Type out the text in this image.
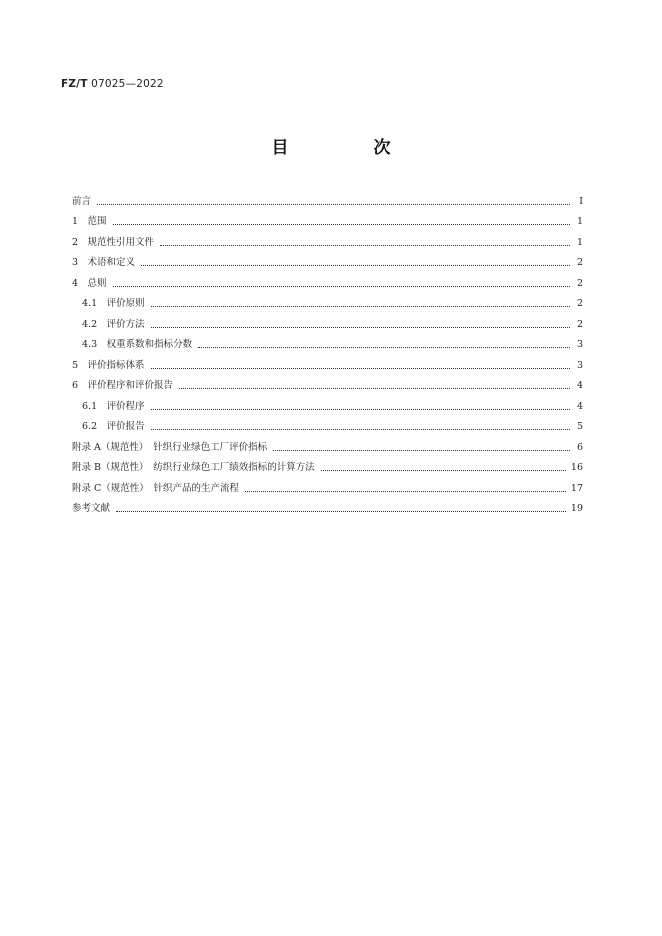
FZ/T 07025—2022
目　次
前言	Ⅰ
1　范围	1
2　规范性引用文件	1
3　术语和定义	2
4　总则	2
4.1　评价原则	2
4.2　评价方法	2
4.3　权重系数和指标分数	3
5　评价指标体系	3
6　评价程序和评价报告	4
6.1　评价程序	4
6.2　评价报告	5
附录 A（规范性）　针织行业绿色工厂评价指标	6
附录 B（规范性）　纺织行业绿色工厂绩效指标的计算方法	16
附录 C（规范性）　针织产品的生产流程	17
参考文献	19
